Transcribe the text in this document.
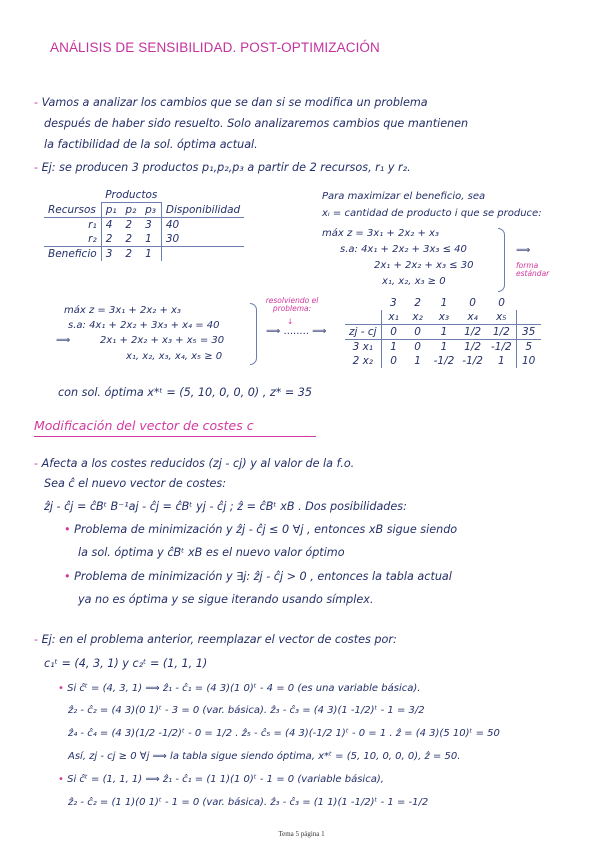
ANÁLISIS DE SENSIBILIDAD. POST-OPTIMIZACIÓN
- Vamos a analizar los cambios que se dan si se modifica un problema
después de haber sido resuelto. Solo analizaremos cambios que mantienen
la factibilidad de la sol. óptima actual.
- Ej: se producen 3 productos p₁,p₂,p₃ a partir de 2 recursos, r₁ y r₂.
	Productos			
Recursos	p₁	p₂	p₃	Disponibilidad
r₁	4	2	3	40
r₂	2	2	1	30
Beneficio	3	2	1	
Para maximizar el beneficio, sea
xᵢ = cantidad de producto i que se produce:
máx z = 3x₁ + 2x₂ + x₃
s.a: 4x₁ + 2x₂ + 3x₃ ≤ 40
2x₁ + 2x₂ + x₃ ≤ 30
x₁, x₂, x₃ ≥ 0
⟹
forma estándar
máx z = 3x₁ + 2x₂ + x₃
s.a: 4x₁ + 2x₂ + 3x₃ + x₄ = 40
⟹	2x₁ + 2x₂ + x₃ + x₅ = 30
x₁, x₂, x₃, x₄, x₅ ≥ 0
resolviendo el problema:
↓
⟹ ........ ⟹
	3	2	1	0	0	
	x₁	x₂	x₃	x₄	x₅	
zj - cj	0	0	1	1/2	1/2	35
3 x₁	1	0	1	1/2	-1/2	5
2 x₂	0	1	-1/2	-1/2	1	10
con sol. óptima x*ᵗ = (5, 10, 0, 0, 0) , z* = 35
Modificación del vector de costes c
- Afecta a los costes reducidos (zj - cj) y al valor de la f.o.
Sea ĉ el nuevo vector de costes:
ẑj - ĉj = ĉBᵗ B⁻¹aj - ĉj = ĉBᵗ yj - ĉj ; ẑ = ĉBᵗ xB . Dos posibilidades:
• Problema de minimización y ẑj - ĉj ≤ 0 ∀j , entonces xB sigue siendo
la sol. óptima y ĉBᵗ xB es el nuevo valor óptimo
• Problema de minimización y ∃j: ẑj - ĉj > 0 , entonces la tabla actual
ya no es óptima y se sigue iterando usando símplex.
- Ej: en el problema anterior, reemplazar el vector de costes por:
c₁ᵗ = (4, 3, 1) y c₂ᵗ = (1, 1, 1)
• Si ĉᵗ = (4, 3, 1) ⟹ ẑ₁ - ĉ₁ = (4 3)(1 0)ᵗ - 4 = 0 (es una variable básica).
ẑ₂ - ĉ₂ = (4 3)(0 1)ᵗ - 3 = 0 (var. básica). ẑ₃ - ĉ₃ = (4 3)(1 -1/2)ᵗ - 1 = 3/2
ẑ₄ - ĉ₄ = (4 3)(1/2 -1/2)ᵗ - 0 = 1/2 . ẑ₅ - ĉ₅ = (4 3)(-1/2 1)ᵗ - 0 = 1 . ẑ = (4 3)(5 10)ᵗ = 50
Así, zj - cj ≥ 0 ∀j ⟹ la tabla sigue siendo óptima, x*ᵗ = (5, 10, 0, 0, 0), ẑ = 50.
• Si ĉᵗ = (1, 1, 1) ⟹ ẑ₁ - ĉ₁ = (1 1)(1 0)ᵗ - 1 = 0 (variable básica),
ẑ₂ - ĉ₂ = (1 1)(0 1)ᵗ - 1 = 0 (var. básica). ẑ₃ - ĉ₃ = (1 1)(1 -1/2)ᵗ - 1 = -1/2
Tema 5 página 1
